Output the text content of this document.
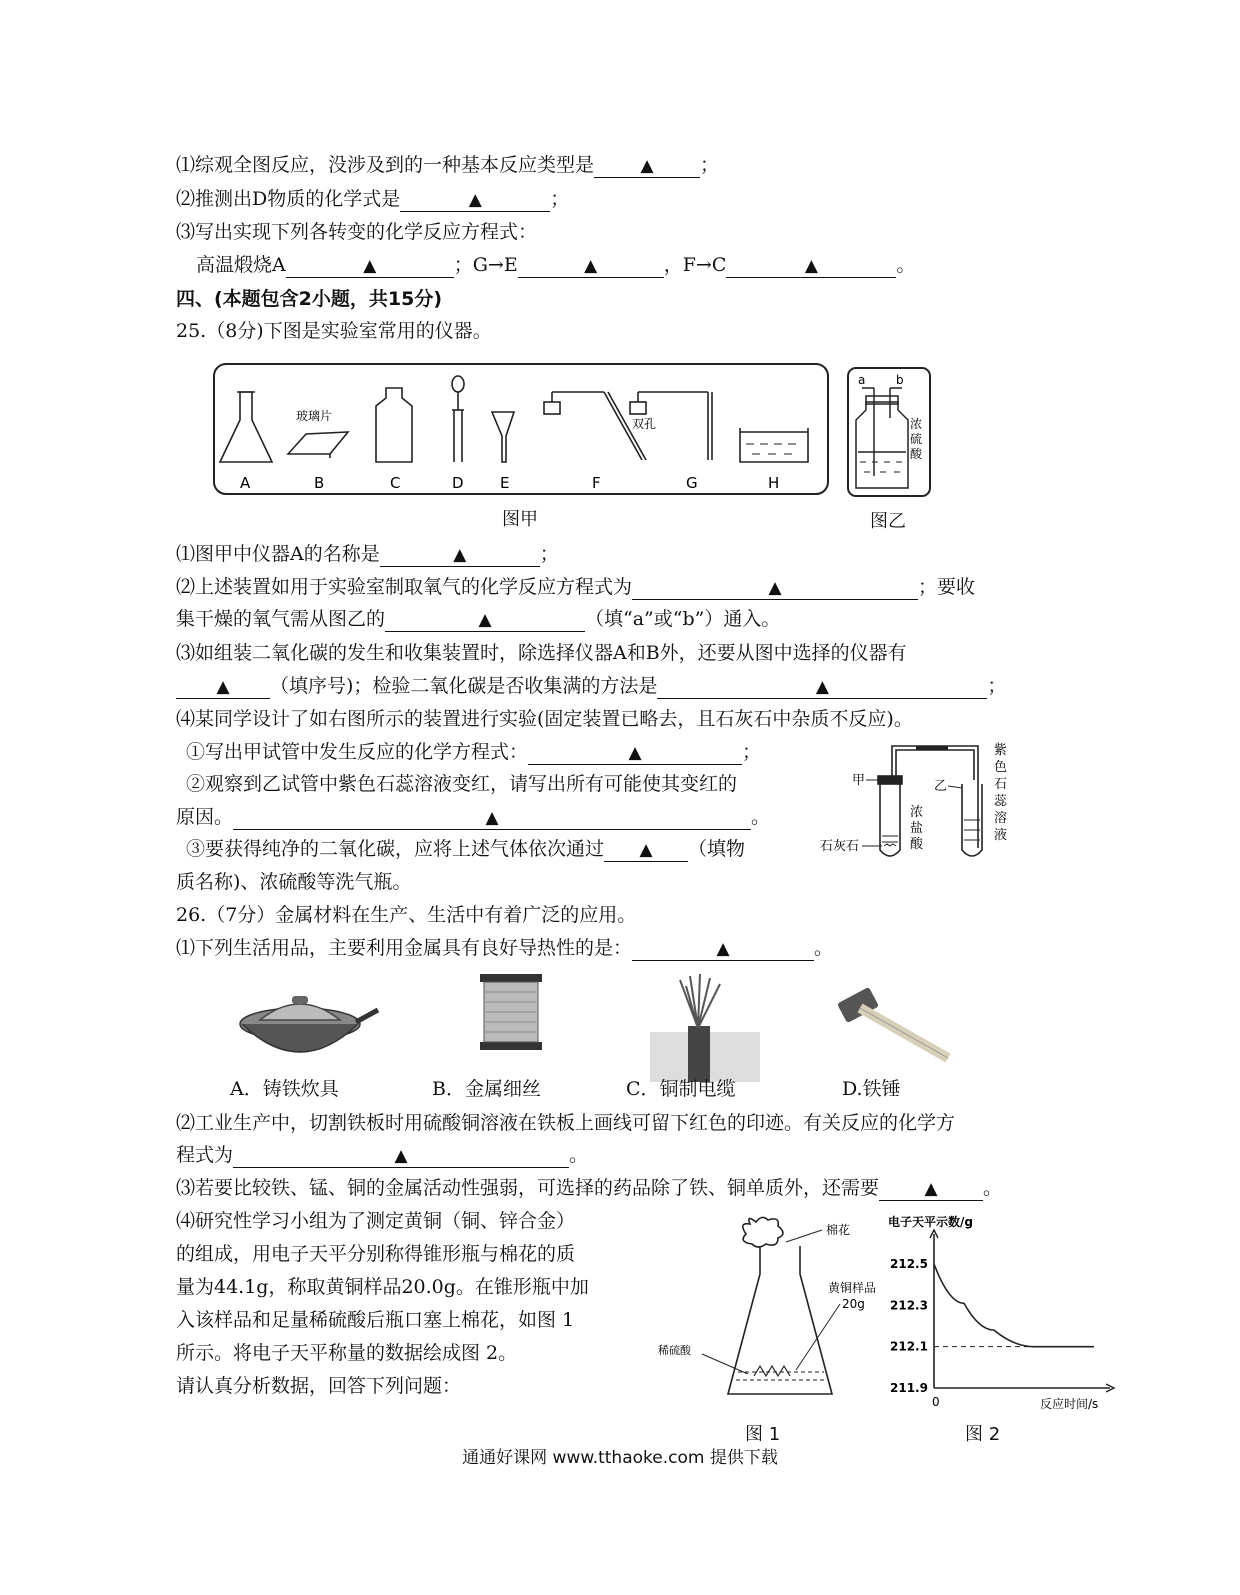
⑴综观全图反应，没涉及到的一种基本反应类型是	▲ ；
⑵推测出D物质的化学式是	▲	；
⑶写出实现下列各转变的化学反应方程式：
高温煅烧A	▲	；G→E	▲	，F→C	▲	。
四、(本题包含2小题，共15分)
25.（8分)下图是实验室常用的仪器。
玻璃片
双孔
A	B	C	D E	F	G	H
图甲
a	b
浓
硫
酸
图乙
⑴图甲中仪器A的名称是	▲	；
⑵上述装置如用于实验室制取氧气的化学反应方程式为	▲	；要收
集干燥的氧气需从图乙的	▲	（填“a”或“b”）通入。
⑶如组装二氧化碳的发生和收集装置时，除选择仪器A和B外，还要从图中选择的仪器有
▲ （填序号)；检验二氧化碳是否收集满的方法是	▲	；
⑷某同学设计了如右图所示的装置进行实验(固定装置已略去，且石灰石中杂质不反应)。
①写出甲试管中发生反应的化学方程式：	▲	；
②观察到乙试管中紫色石蕊溶液变红，请写出所有可能使其变红的
原因。	▲	。
③要获得纯净的二氧化碳，应将上述气体依次通过 ▲ （填物
质名称)、浓硫酸等洗气瓶。
甲	乙
石灰石
浓
盐
酸
紫
色
石
蕊
溶
液
26.（7分）金属材料在生产、生活中有着广泛的应用。
⑴下列生活用品，主要利用金属具有良好导热性的是：	▲	。
A．铸铁炊具	B．金属细丝	C．铜制电缆	D.铁锤
⑵工业生产中，切割铁板时用硫酸铜溶液在铁板上画线可留下红色的印迹。有关反应的化学方
程式为	▲	。
⑶若要比较铁、锰、铜的金属活动性强弱，可选择的药品除了铁、铜单质外，还需要	▲ 。
⑷研究性学习小组为了测定黄铜（铜、锌合金）
的组成，用电子天平分别称得锥形瓶与棉花的质
量为44.1g，称取黄铜样品20.0g。在锥形瓶中加
入该样品和足量稀硫酸后瓶口塞上棉花，如图 1
所示。将电子天平称量的数据绘成图 2。
请认真分析数据，回答下列问题：
棉花
黄铜样品
20g
稀硫酸
图 1
电子天平示数/g
反应时间/s
0
212.5
212.3
212.1
211.9
图 2
通通好课网 www.tthaoke.com 提供下载
